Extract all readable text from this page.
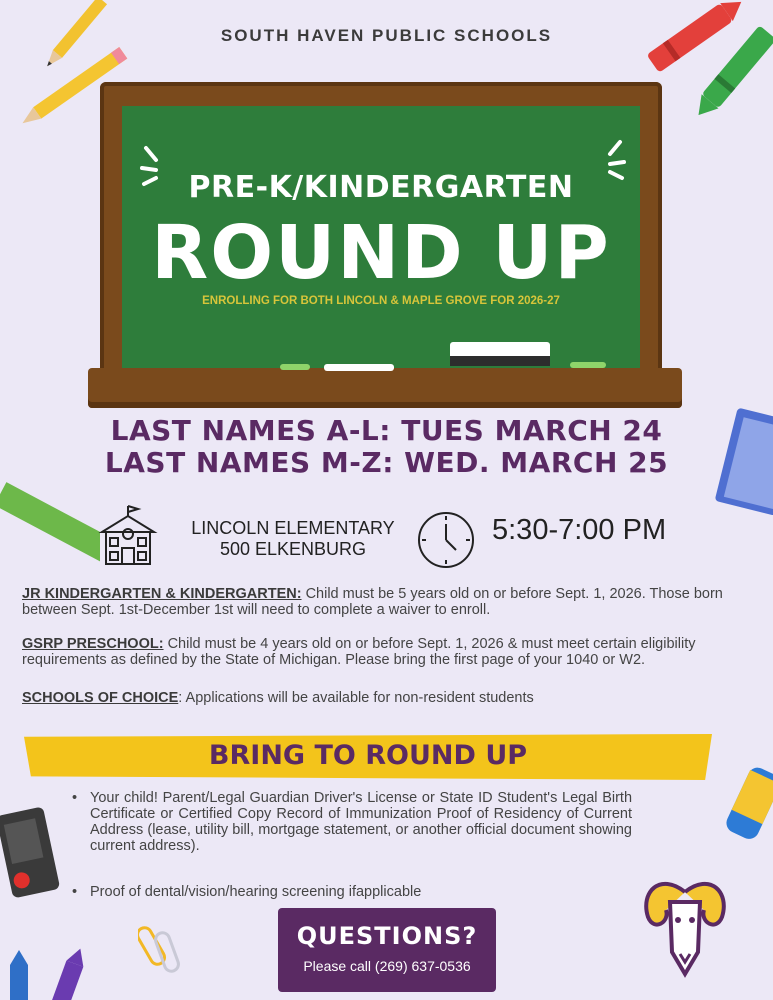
SOUTH HAVEN PUBLIC SCHOOLS
PRE-K/KINDERGARTEN
ROUND UP
ENROLLING FOR BOTH LINCOLN & MAPLE GROVE FOR 2026-27
LAST NAMES A-L: TUES MARCH 24
LAST NAMES M-Z: WED. MARCH 25
LINCOLN ELEMENTARY
500 ELKENBURG
5:30-7:00 PM
JR KINDERGARTEN & KINDERGARTEN: Child must be 5 years old on or before Sept. 1, 2026. Those born between Sept. 1st-December 1st will need to complete a waiver to enroll.
GSRP PRESCHOOL: Child must be 4 years old on or before Sept. 1, 2026 & must meet certain eligibility requirements as defined by the State of Michigan. Please bring the first page of your 1040 or W2.
SCHOOLS OF CHOICE: Applications will be available for non-resident students
BRING TO ROUND UP
• Your child! Parent/Legal Guardian Driver's License or State ID Student's Legal Birth Certificate or Certified Copy Record of Immunization Proof of Residency of Current Address (lease, utility bill, mortgage statement, or another official document showing current address).
• Proof of dental/vision/hearing screening ifapplicable
QUESTIONS?
Please call (269) 637-0536
